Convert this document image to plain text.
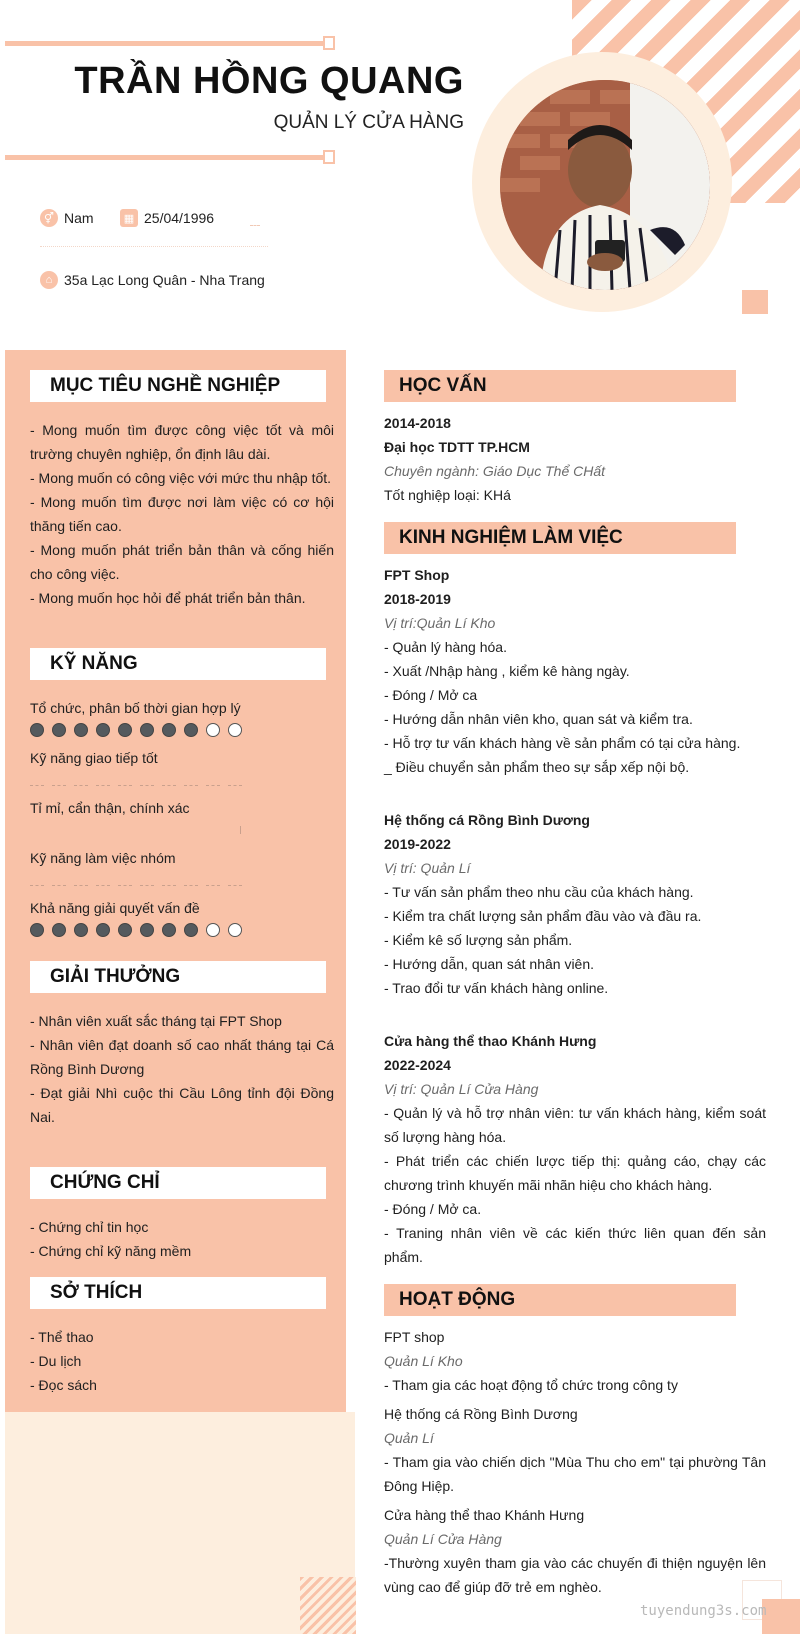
TRẦN HỒNG QUANG
QUẢN LÝ CỬA HÀNG
⚥ Nam	▦ 25/04/1996
⌂ 35a Lạc Long Quân - Nha Trang
MỤC TIÊU NGHỀ NGHIỆP
- Mong muốn tìm được công việc tốt và môi trường chuyên nghiệp, ổn định lâu dài.
- Mong muốn có công việc với mức thu nhập tốt.
- Mong muốn tìm được nơi làm việc có cơ hội thăng tiến cao.
- Mong muốn phát triển bản thân và cống hiến cho công việc.
- Mong muốn học hỏi để phát triển bản thân.
KỸ NĂNG
Tổ chức, phân bố thời gian hợp lý
Kỹ năng giao tiếp tốt
Tỉ mỉ, cẩn thận, chính xác
Kỹ năng làm việc nhóm
Khả năng giải quyết vấn đề
GIẢI THƯỞNG
- Nhân viên xuất sắc tháng tại FPT Shop
- Nhân viên đạt doanh số cao nhất tháng tại Cá Rồng Bình Dương
- Đạt giải Nhì cuộc thi Cầu Lông tỉnh đội Đồng Nai.
CHỨNG CHỈ
- Chứng chỉ tin học
- Chứng chỉ kỹ năng mềm
SỞ THÍCH
- Thể thao
- Du lịch
- Đọc sách
HỌC VẤN
2014-2018
Đại học TDTT TP.HCM
Chuyên ngành: Giáo Dục Thể CHất
Tốt nghiệp loại: KHá
KINH NGHIỆM LÀM VIỆC
FPT Shop
2018-2019
Vị trí:Quản Lí Kho
- Quản lý hàng hóa.
- Xuất /Nhập hàng , kiểm kê hàng ngày.
- Đóng / Mở ca
- Hướng dẫn nhân viên kho, quan sát và kiểm tra.
- Hỗ trợ tư vấn khách hàng về sản phẩm có tại cửa hàng.
_ Điều chuyển sản phẩm theo sự sắp xếp nội bộ.
Hệ thống cá Rồng Bình Dương
2019-2022
Vị trí: Quản Lí
- Tư vấn sản phẩm theo nhu cầu của khách hàng.
- Kiểm tra chất lượng sản phẩm đầu vào và đầu ra.
- Kiểm kê số lượng sản phẩm.
- Hướng dẫn, quan sát nhân viên.
- Trao đổi tư vấn khách hàng online.
Cửa hàng thể thao Khánh Hưng
2022-2024
Vị trí: Quản Lí Cửa Hàng
- Quản lý và hỗ trợ nhân viên: tư vấn khách hàng, kiểm soát số lượng hàng hóa.
- Phát triển các chiến lược tiếp thị: quảng cáo, chạy các chương trình khuyến mãi nhãn hiệu cho khách hàng.
- Đóng / Mở ca.
- Traning nhân viên về các kiến thức liên quan đến sản phẩm.
HOẠT ĐỘNG
FPT shop
Quản Lí Kho
- Tham gia các hoạt động tổ chức trong công ty
Hệ thống cá Rồng Bình Dương
Quản Lí
- Tham gia vào chiến dịch "Mùa Thu cho em" tại phường Tân Đông Hiệp.
Cửa hàng thể thao Khánh Hưng
Quản Lí Cửa Hàng
-Thường xuyên tham gia vào các chuyến đi thiện nguyện lên vùng cao để giúp đỡ trẻ em nghèo.
tuyendung3s.com
